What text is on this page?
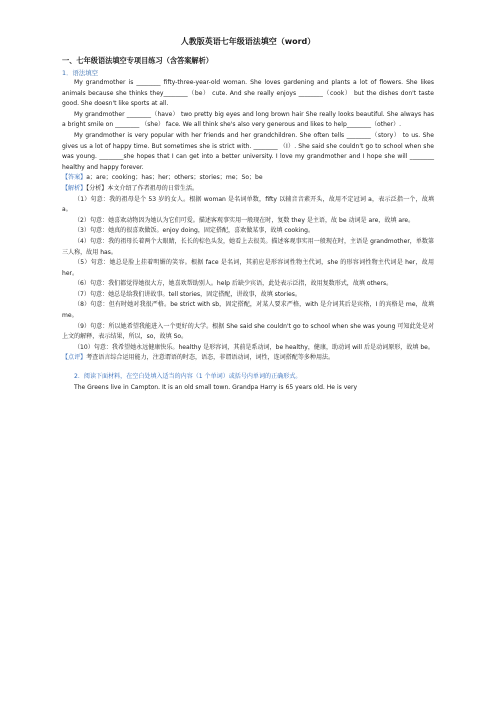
人教版英语七年级语法填空（word）
一、七年级语法填空专项目练习（含答案解析）
1．语法填空

My grandmother is ________ fifty-three-year-old woman. She loves gardening and plants a lot of flowers. She likes animals because she thinks they________（be） cute. And she really enjoys ________（cook） but the dishes don't taste good. She doesn't like sports at all.

My grandmother ________（have） two pretty big eyes and long brown hair She really looks beautiful. She always has a bright smile on ________ （she） face. We all think she's also very generous and likes to help________（other）.

My grandmother is very popular with her friends and her grandchildren. She often tells ________（story） to us. She gives us a lot of happy time. But sometimes she is strict with. ________ （I）. She said she couldn't go to school when she was young. ________she hopes that I can get into a better university. I love my grandmother and I hope she will ________ healthy and happy forever.

【答案】a；are；cooking；has；her；others；stories；me；So；be

【解析】【分析】本文介绍了作者祖母的日常生活。

（1）句意：我的祖母是个 53 岁的女人。根据 woman 是名词单数，fifty 以辅音音素开头，故用不定冠词 a，表示泛指一个，故填 a。

（2）句意：她喜欢动物因为她认为它们可爱。描述客观事实用一般现在时，复数 they 是主语，故 be 动词是 are，故填 are。

（3）句意：她真的很喜欢做饭。enjoy doing，固定搭配，喜欢做某事，故填 cooking。

（4）句意：我的祖母长着两个大眼睛，长长的棕色头发，她看上去很美。描述客观事实用一般现在时，主语是 grandmother，单数第三人称，故用 has。

（5）句意：她总是脸上挂着明媚的笑容。根据 face 是名词，其前应是形容词性物主代词，she 的形容词性物主代词是 her，故用 her。

（6）句意：我们都觉得她很大方，她喜欢帮助别人。help 后缺少宾语，此处表示泛指，故用复数形式，故填 others。

（7）句意：她总是给我们讲故事。tell stories，固定搭配，讲故事，故填 stories。

（8）句意：但有时她对我很严格。be strict with sb，固定搭配，对某人要求严格，with 是介词其后是宾格，I 的宾格是 me，故填 me。

（9）句意：所以她希望我能进入一个更好的大学。根据 She said she couldn't go to school when she was young 可知此处是对上文的解释，表示结果，所以，so，故填 So。

（10）句意：我希望她永远健康快乐。healthy 是形容词，其前是系动词，be healthy，健康，助动词 will 后是动词原形，故填 be。

【点评】考查语言综合运用能力，注意谓语的时态，语态，非谓语动词，词性，连词搭配等多种用法。

2．阅读下面材料，在空白处填入适当的内容（1 个单词）或括号内单词的正确形式。

The Greens live in Campton. It is an old small town. Grandpa Harry is 65 years old. He is very
